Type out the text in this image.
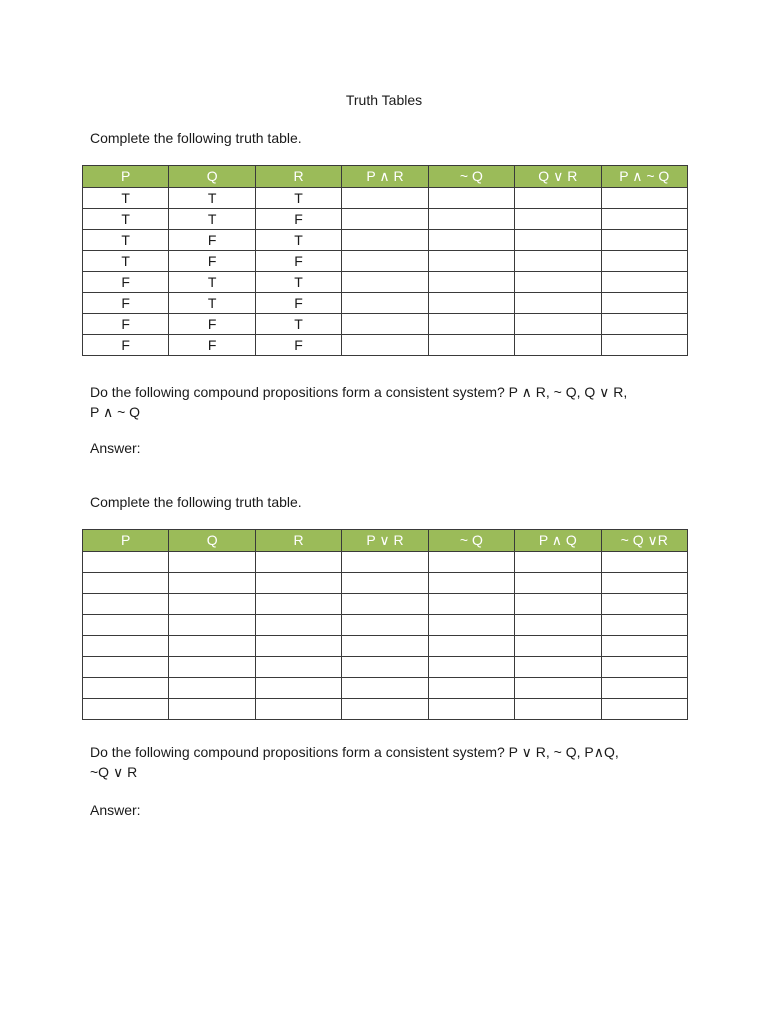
Truth Tables
Complete the following truth table.
P	Q	R	P ∧ R	~ Q	Q ∨ R	P ∧ ~ Q
T	T	T				
T	T	F				
T	F	T				
T	F	F				
F	T	T				
F	T	F				
F	F	T				
F	F	F				
Do the following compound propositions form a consistent system? P ∧ R, ~ Q, Q ∨ R,
P ∧ ~ Q
Answer:
Complete the following truth table.
P	Q	R	P ∨ R	~ Q	P ∧ Q	~ Q ∨R

Do the following compound propositions form a consistent system? P ∨ R, ~ Q, P∧Q,
~Q ∨ R
Answer:
